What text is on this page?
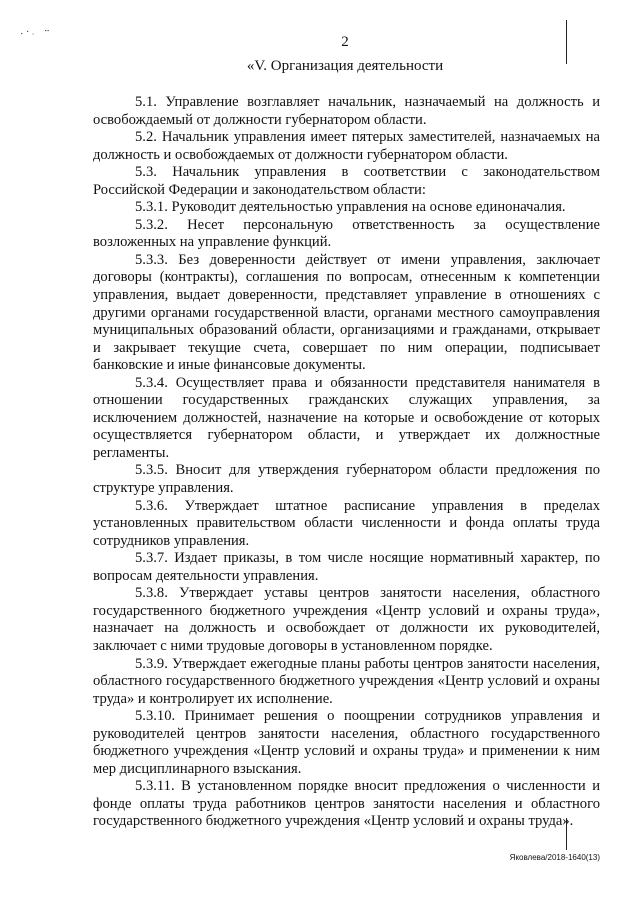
⠂⠁· ⠒
2
«V. Организация деятельности

5.1. Управление возглавляет начальник, назначаемый на должность и освобождаемый от должности губернатором области.

5.2. Начальник управления имеет пятерых заместителей, назначаемых на должность и освобождаемых от должности губернатором области.

5.3. Начальник управления в соответствии с законодательством Российской Федерации и законодательством области:

5.3.1. Руководит деятельностью управления на основе единоначалия.

5.3.2. Несет персональную ответственность за осуществление возложенных на управление функций.

5.3.3. Без доверенности действует от имени управления, заключает договоры (контракты), соглашения по вопросам, отнесенным к компетенции управления, выдает доверенности, представляет управление в отношениях с другими органами государственной власти, органами местного самоуправления муниципальных образований области, организациями и гражданами, открывает и закрывает текущие счета, совершает по ним операции, подписывает банковские и иные финансовые документы.

5.3.4. Осуществляет права и обязанности представителя нанимателя в отношении государственных гражданских служащих управления, за исключением должностей, назначение на которые и освобождение от которых осуществляется губернатором области, и утверждает их должностные регламенты.

5.3.5. Вносит для утверждения губернатором области предложения по структуре управления.

5.3.6. Утверждает штатное расписание управления в пределах установленных правительством области численности и фонда оплаты труда сотрудников управления.

5.3.7. Издает приказы, в том числе носящие нормативный характер, по вопросам деятельности управления.

5.3.8. Утверждает уставы центров занятости населения, областного государственного бюджетного учреждения «Центр условий и охраны труда», назначает на должность и освобождает от должности их руководителей, заключает с ними трудовые договоры в установленном порядке.

5.3.9. Утверждает ежегодные планы работы центров занятости населения, областного государственного бюджетного учреждения «Центр условий и охраны труда» и контролирует их исполнение.

5.3.10. Принимает решения о поощрении сотрудников управления и руководителей центров занятости населения, областного государственного бюджетного учреждения «Центр условий и охраны труда» и применении к ним мер дисциплинарного взыскания.

5.3.11. В установленном порядке вносит предложения о численности и фонде оплаты труда работников центров занятости населения и областного государственного бюджетного учреждения «Центр условий и охраны труда».

Яковлева/2018-1640(13)
